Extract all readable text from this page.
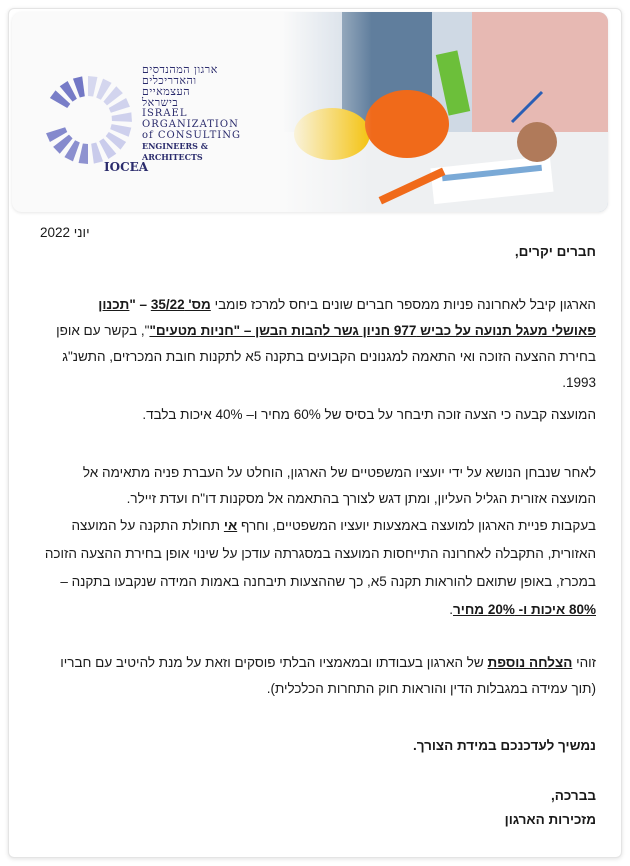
ארגון המהנדסים
והאדריכלים
העצמאיים
בישראל
ISRAEL
ORGANIZATION
of CONSULTING
ENGINEERS & ARCHITECTS
IOCEA
יוני 2022
חברים יקרים,
הארגון קיבל לאחרונה פניות ממספר חברים שונים ביחס למרכז פומבי מס' 35/22 – "תכנון
פאושלי מעגל תנועה על כביש 977 חניון גשר להבות הבשן – "חניות מטעים"", בקשר עם אופן
בחירת ההצעה הזוכה ואי התאמה למגנונים הקבועים בתקנה 5א לתקנות חובת המכרזים, התשנ"ג
1993.
המועצה קבעה כי הצעה זוכה תיבחר על בסיס של 60% מחיר ו– 40% איכות בלבד.
לאחר שנבחן הנושא על ידי יועציו המשפטיים של הארגון, הוחלט על העברת פניה מתאימה אל המועצה אזורית הגליל העליון, ומתן דגש לצורך בהתאמה אל מסקנות דו"ח ועדת זיילר.
בעקבות פניית הארגון למועצה באמצעות יועציו המשפטיים, וחרף אי תחולת התקנה על המועצה האזורית, התקבלה לאחרונה התייחסות המועצה במסגרתה עודכן על שינוי אופן בחירת ההצעה הזוכה במכרז, באופן שתואם להוראות תקנה 5א, כך שההצעות תיבחנה באמות המידה שנקבעו בתקנה – 80% איכות ו- 20% מחיר.
זוהי הצלחה נוספת של הארגון בעבודתו ובמאמציו הבלתי פוסקים וזאת על מנת להיטיב עם חבריו (תוך עמידה במגבלות הדין והוראות חוק התחרות הכלכלית).
נמשיך לעדכנכם במידת הצורך.
בברכה,
מזכירות הארגון
